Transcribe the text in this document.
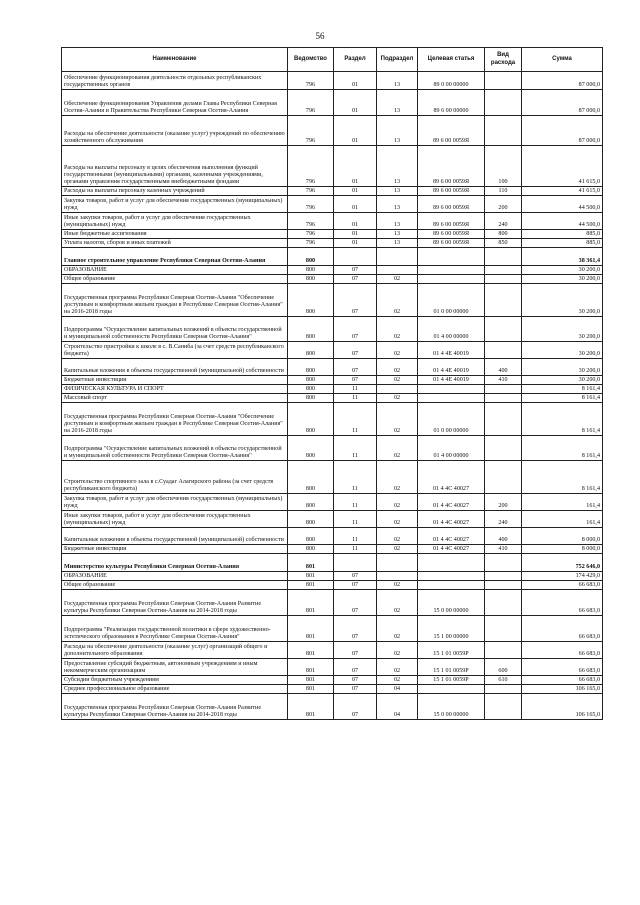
56
Наименование	Ведомство	Раздел	Подраздел	Целевая статья	Вид расхода	Сумма
Обеспечение функционирования деятельности отдельных республиканских государственных органов	796	01	13	89 0 00 00000		87 000,0
Обеспечение функционирования Управления делами Главы Республики Северная Осетия-Алания и Правительства Республики Северная Осетия-Алания	796	01	13	89 6 00 00000		87 000,0
Расходы на обеспечение деятельности (оказание услуг) учреждений по обеспечению хозяйственного обслуживания	796	01	13	89 6 00 0059Я		87 000,0
Расходы на выплаты персоналу в целях обеспечения выполнения функций государственными (муниципальными) органами, казенными учреждениями, органами управления государственными внебюджетными фондами	796	01	13	89 6 00 0059Я	100	41 615,0
Расходы на выплаты персоналу казенных учреждений	796	01	13	89 6 00 0059Я	110	41 615,0
Закупка товаров, работ и услуг для обеспечения государственных (муниципальных) нужд	796	01	13	89 6 00 0059Я	200	44 500,0
Иные закупки товаров, работ и услуг для обеспечения государственных (муниципальных) нужд	796	01	13	89 6 00 0059Я	240	44 500,0
Иные бюджетные ассигнования	796	01	13	89 6 00 0059Я	800	885,0
Уплата налогов, сборов и иных платежей	796	01	13	89 6 00 0059Я	850	885,0
Главное строительное управление Республики Северная Осетия-Алания	800					38 361,4
ОБРАЗОВАНИЕ	800	07				30 200,0
Общее образование	800	07	02			30 200,0
Государственная программа Республики Северная Осетия-Алания "Обеспечение доступным и комфортным жильем граждан в Республике Северная Осетия-Алания" на 2016-2018 годы	800	07	02	01 0 00 00000		30 200,0
Подпрограмма "Осуществление капитальных вложений в объекты государственной и муниципальной собственности Республики Северная Осетия-Алания"	800	07	02	01 4 00 00000		30 200,0
Строительство пристройки к школе в с. В.Саниба (за счет средств республиканского бюджета)	800	07	02	01 4 4Е 40019		30 200,0
Капитальные вложения в объекты государственной (муниципальной) собственности	800	07	02	01 4 4Е 40019	400	30 200,0
Бюджетные инвестиции	800	07	02	01 4 4Е 40019	410	30 200,0
ФИЗИЧЕСКАЯ КУЛЬТУРА И СПОРТ	800	11				8 161,4
Массовый спорт	800	11	02			8 161,4
Государственная программа Республики Северная Осетия-Алания "Обеспечение доступным и комфортным жильем граждан в Республике Северная Осетия-Алания" на 2016-2018 годы	800	11	02	01 0 00 00000		8 161,4
Подпрограмма "Осуществление капитальных вложений в объекты государственной и муниципальной собственности Республики Северная Осетия-Алания"	800	11	02	01 4 00 00000		8 161,4
Строительство спортивного зала в с.Суадаг Алагирского района (за счет средств республиканского бюджета)	800	11	02	01 4 4С 40027		8 161,4
Закупка товаров, работ и услуг для обеспечения государственных (муниципальных) нужд	800	11	02	01 4 4С 40027	200	161,4
Иные закупки товаров, работ и услуг для обеспечения государственных (муниципальных) нужд	800	11	02	01 4 4С 40027	240	161,4
Капитальные вложения в объекты государственной (муниципальной) собственности	800	11	02	01 4 4С 40027	400	8 000,0
Бюджетные инвестиции	800	11	02	01 4 4С 40027	410	8 000,0
Министерство культуры Республики Северная Осетия-Алания	801					752 646,0
ОБРАЗОВАНИЕ	801	07				174 429,0
Общее образование	801	07	02			66 683,0
Государственная программа Республики Северная Осетия-Алания Развитие культуры Республики Северная Осетия-Алания на 2014-2018 годы	801	07	02	15 0 00 00000		66 683,0
Подпрограмма "Реализация государственной политики в сфере художественно-эстетического образования в Республике Северная Осетия-Алания"	801	07	02	15 1 00 00000		66 683,0
Расходы на обеспечение деятельности (оказание услуг) организаций общего и дополнительного образования	801	07	02	15 1 01 0059Р		66 683,0
Предоставление субсидий бюджетным, автономным учреждениям и иным некоммерческим организациям	801	07	02	15 1 01 0059Р	600	66 683,0
Субсидии бюджетным учреждениям	801	07	02	15 1 01 0059Р	610	66 683,0
Среднее профессиональное образование	801	07	04			106 165,0
Государственная программа Республики Северная Осетия-Алания Развитие культуры Республики Северная Осетия-Алания на 2014-2018 годы	801	07	04	15 0 00 00000		106 165,0
